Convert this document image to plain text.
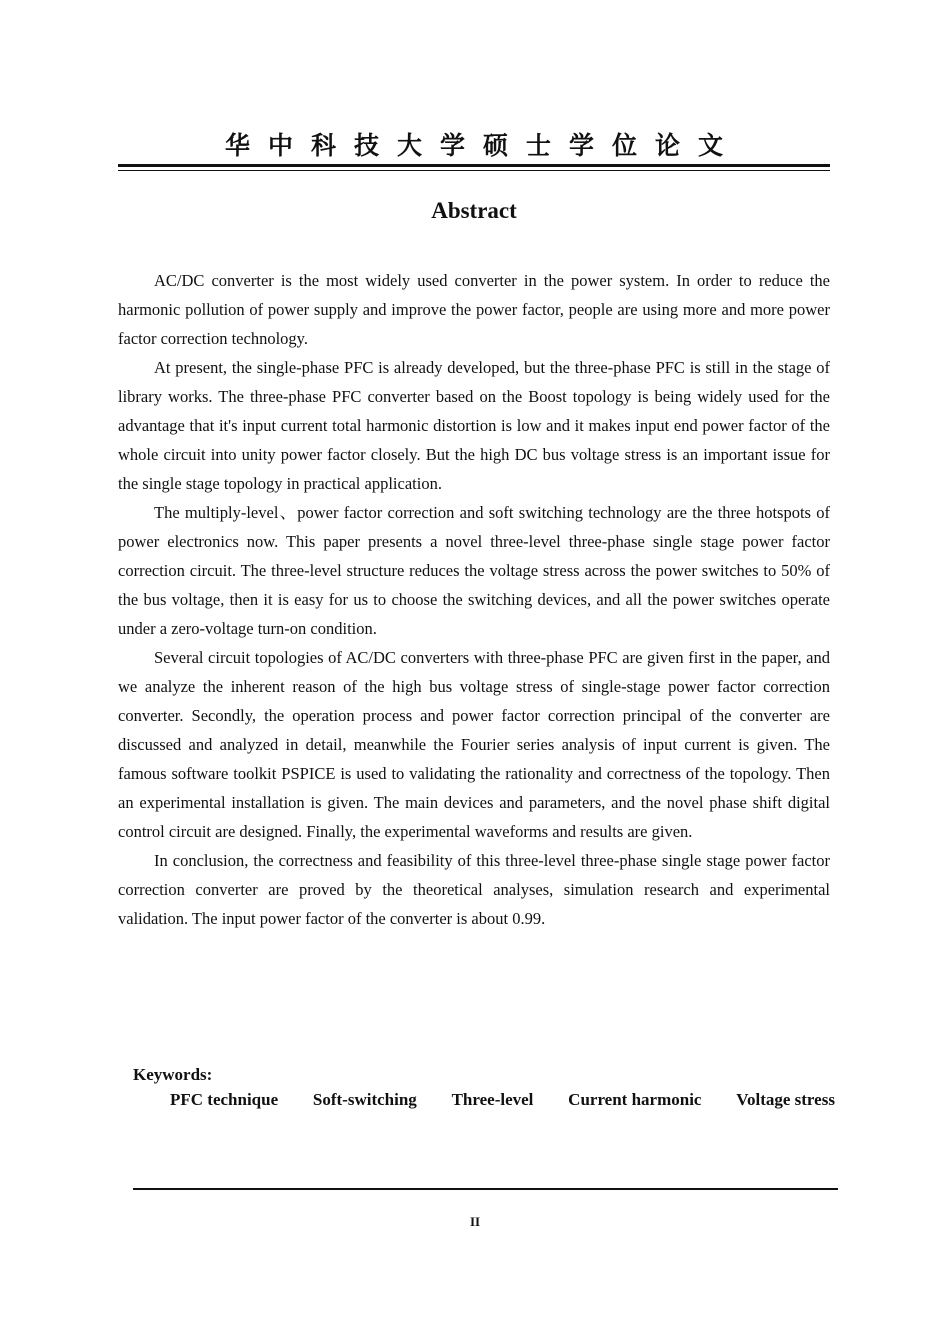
华中科技大学硕士学位论文
Abstract

AC/DC converter is the most widely used converter in the power system. In order to reduce the harmonic pollution of power supply and improve the power factor, people are using more and more power factor correction technology.

At present, the single-phase PFC is already developed, but the three-phase PFC is still in the stage of library works. The three-phase PFC converter based on the Boost topology is being widely used for the advantage that it's input current total harmonic distortion is low and it makes input end power factor of the whole circuit into unity power factor closely. But the high DC bus voltage stress is an important issue for the single stage topology in practical application.

The multiply-level、power factor correction and soft switching technology are the three hotspots of power electronics now. This paper presents a novel three-level three-phase single stage power factor correction circuit. The three-level structure reduces the voltage stress across the power switches to 50% of the bus voltage, then it is easy for us to choose the switching devices, and all the power switches operate under a zero-voltage turn-on condition.

Several circuit topologies of AC/DC converters with three-phase PFC are given first in the paper, and we analyze the inherent reason of the high bus voltage stress of single-stage power factor correction converter. Secondly, the operation process and power factor correction principal of the converter are discussed and analyzed in detail, meanwhile the Fourier series analysis of input current is given. The famous software toolkit PSPICE is used to validating the rationality and correctness of the topology. Then an experimental installation is given. The main devices and parameters, and the novel phase shift digital control circuit are designed. Finally, the experimental waveforms and results are given.

In conclusion, the correctness and feasibility of this three-level three-phase single stage power factor correction converter are proved by the theoretical analyses, simulation research and experimental validation. The input power factor of the converter is about 0.99.

Keywords:
PFC technique Soft-switching Three-level Current harmonic Voltage stress
II
